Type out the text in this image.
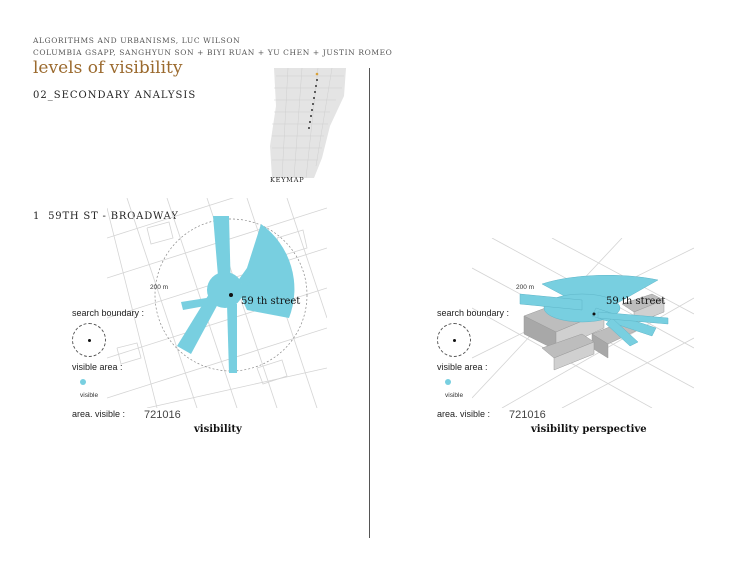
ALGORITHMS AND URBANISMS, LUC WILSON
COLUMBIA GSAPP, SANGHYUN SON + BIYI RUAN + YU CHEN + JUSTIN ROMEO
levels of visibility
02_SECONDARY ANALYSIS
KEYMAP
1 59TH ST - BROADWAY
200 m
59 th street
search boundary :
visible area :
visible
area. visible : 721016
visibility
200 m
59 th street
search boundary :
visible area :
visible
area. visible : 721016
visibility perspective
